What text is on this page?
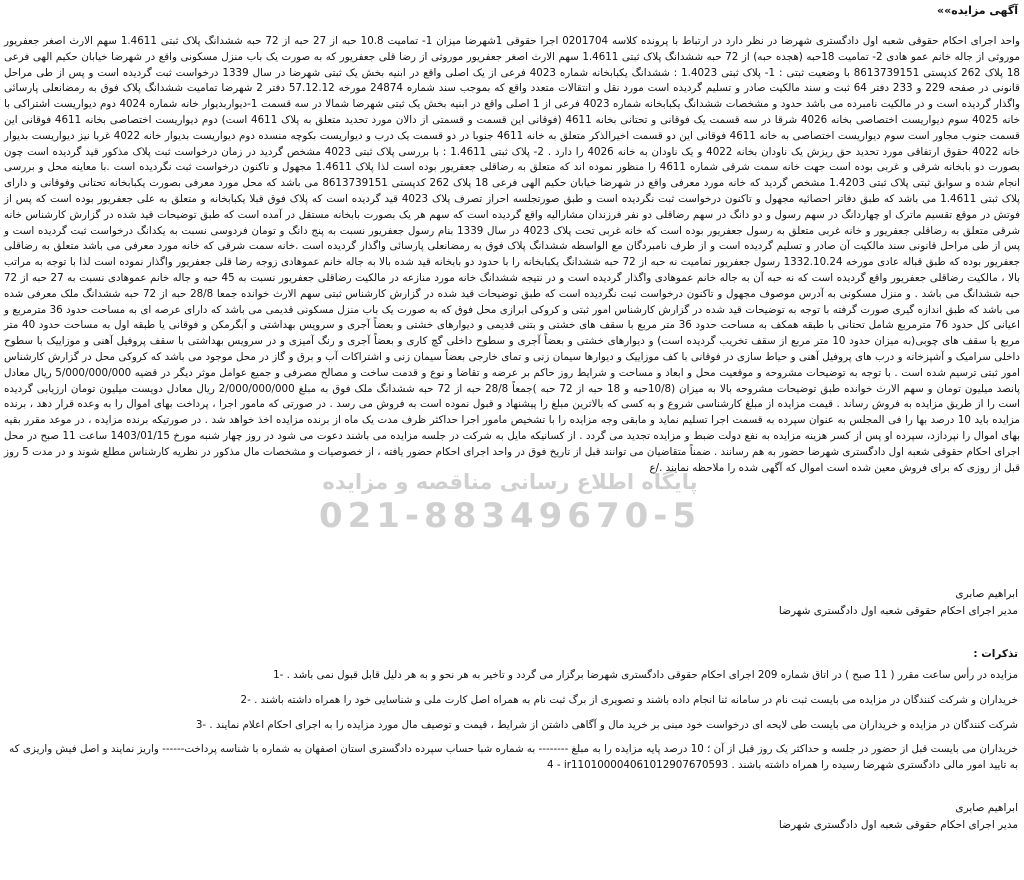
آگهی مزایده»»
واحد اجرای احکام حقوقی شعبه اول دادگستری شهرضا در نظر دارد در ارتباط با پرونده کلاسه 0201704 اجرا حقوقی 1شهرضا میزان 1- تمامیت 10.8 حبه از 27 حبه از 72 حبه ششدانگ پلاک ثبتی 1.4611 سهم الارث اصغر جعفریور موروثی از جاله خانم عمو هادی 2- تمامیت 18حبه (هجده حبه) از 72 حبه ششدانگ پلاک ثبتی 1.4611 سهم الارث اصغر جعفریور موروثی از رضا قلی جعفریور که به صورت یک باب منزل مسکونی واقع در شهرضا خیابان حکیم الهی فرعی 18 پلاک 262 کدپستی 8613739151 با وضعیت ثبتی : 1- پلاک ثبتی 1.4023 : ششدانگ یکبابخانه شماره 4023 فرعی از یک اصلی واقع در ابنیه بخش یک ثبتی شهرضا در سال 1339 درخواست ثبت گردیده است و پس از طی مراحل قانونی در صفحه 229 و 233 دفتر 64 ثبت و سند مالکیت صادر و تسلیم گردیده است مورد نقل و انتقالات متعدد واقع که بموجب سند شماره 24874 مورخه 57.12.12 دفتر 2 شهرضا تمامیت ششدانگ پلاک فوق به رمضانعلی پارسائی واگذار گردیده است و در مالکیت نامبرده می باشد حدود و مشخصات ششدانگ یکبابخانه شماره 4023 فرعی از 1 اصلی واقع در ابنیه بخش یک ثبتی شهرضا شمالا در سه قسمت 1-دیواربدیوار خانه شماره 4024 دوم دیواریست اشتراکی با خانه 4025 سوم دیواریست اختصاصی بخانه 4026 شرقا در سه قسمت یک فوقانی و تحتانی بخانه 4611 (فوقانی این قسمت و قسمتی از دالان مورد تحدید متعلق به پلاک 4611 است) دوم دیواریست اختصاصی بخانه 4611 فوقانی این قسمت جنوب مجاور است سوم دیواریست اختصاصی به خانه 4611 فوقانی این دو قسمت اخیرالذکر متعلق به خانه 4611 جنوبا در دو قسمت یک درب و دیواریست بکوچه منسده دوم دیواریست بدیوار خانه 4022 غربا نیز دیواریست بدیوار خانه 4022 حقوق ارتفاقی مورد تحدید حق ریزش یک ناودان بخانه 4022 و یک ناودان به خانه 4026 را دارد . 2- پلاک ثبتی 1.4611 : با بررسی پلاک ثبتی 4023 مشخص گردید در زمان درخواست ثبت پلاک مذکور قید گردیده است چون بصورت دو بابخانه شرقی و غربی بوده است جهت خانه سمت شرقی شماره 4611 را منظور نموده اند که متعلق به رضاقلی جعفریور بوده است لذا پلاک 1.4611 مجهول و تاکنون درخواست ثبت نگردیده است .با معاینه محل و بررسی انجام شده و سوابق ثبتی پلاک ثبتی 1.4203 مشخص گردید که خانه مورد معرفی واقع در شهرضا خیابان حکیم الهی فرعی 18 پلاک 262 کدپستی 8613739151 می باشد که محل مورد معرفی بصورت یکبابخانه تحتانی وفوقانی و دارای پلاک ثبتی 1.4611 می باشد که طبق دفاتر احصائیه مجهول و تاکنون درخواست ثبت نگردیده است و طبق صورتجلسه احراز تصرف پلاک 4023 قید گردیده است که پلاک فوق قبلا یکبابخانه و متعلق به علی جعفریور بوده است که پس از فوتش در موقع تقسیم ماترک او چهاردانگ در سهم رسول و دو دانگ در سهم رضاقلی دو نفر فرزندان مشارالیه واقع گردیده است که سهم هر یک بصورت بابخانه مستقل در آمده است که طبق توضیحات قید شده در گزارش کارشناس خانه شرقی متعلق به رضاقلی جعفریور و خانه غربی متعلق به رسول جعفریور بوده است که خانه غربی تحت پلاک 4023 در سال 1339 بنام رسول جعفریور نسبت به پنج دانگ و تومان فردوسی نسبت به یکدانگ درخواست ثبت گردیده است و پس از طی مراحل قانونی سند مالکیت آن صادر و تسلیم گردیده است و از طرف نامبردگان مع الواسطه ششدانگ پلاک فوق به رمضانعلی پارسائی واگذار گردیده است .خانه سمت شرقی که خانه مورد معرفی می باشد متعلق به رضاقلی جعفریور بوده که طبق قباله عادی مورخه 1332.10.24 رسول جعفریور تمامیت نه حبه از 72 حبه ششدانگ یکبابخانه را با حدود دو بابخانه قید شده بالا به جاله خانم عموهادی زوجه رضا قلی جعفریور واگذار نموده است لذا با توجه به مراتب بالا ، مالکیت رضاقلی جعفریور واقع گردیده است که نه حبه آن به جاله خانم عموهادی واگذار گردیده است و در نتیجه ششدانگ خانه مورد منازعه در مالکیت رضاقلی جعفریور نسبت به 45 حبه و جاله خانم عموهادی نسبت به 27 حبه از 72 حبه ششدانگ می باشد . و منزل مسکونی به آدرس موصوف مجهول و تاکنون درخواست ثبت نگردیده است که طبق توضیحات قید شده در گزارش کارشناس ثبتی سهم الارث خوانده جمعا 28/8 حبه از 72 حبه ششدانگ ملک معرفی شده می باشد که طبق اندازه گیری صورت گرفته با توجه به توضیحات قید شده در گزارش کارشناس امور ثبتی و کروکی ابرازی محل فوق که به صورت یک باب منزل مسکونی قدیمی می باشد که دارای عرصه ای به مساحت حدود 36 مترمربع و اعیانی کل حدود 76 مترمربع شامل تحتانی با طبقه همکف به مساحت حدود 36 متر مربع با سقف های خشتی و بتنی قدیمی و دیوارهای خشتی و بعضاً آجری و سرویس بهداشتی و آبگرمکن و فوقانی یا طبقه اول به مساحت حدود 40 متر مربع با سقف های چوبی(به میزان حدود 10 متر مربع از سقف تخریب گردیده است) و دیوارهای خشتی و بعضاً آجری و سطوح داخلی گچ کاری و بعضاً آجری و رنگ آمیزی و در سرویس بهداشتی با سقف پروفیل آهنی و موزاییک با سطوح داخلی سرامیک و آشپزخانه و درب های پروفیل آهنی و حیاط سازی در فوقانی با کف موزاییک و دیوارها سیمان زنی و تمای خارجی بعضاً سیمان زنی و اشتراکات آب و برق و گاز در محل موجود می باشد که کروکی محل در گزارش کارشناس امور ثبتی ترسیم شده است . با توجه به توضیحات مشروحه و موقعیت محل و ابعاد و مساحت و شرایط روز حاکم بر عرضه و تقاضا و نوع و قدمت ساخت و مصالح مصرفی و جمیع عوامل موثر دیگر در قضیه 5/000/000/000 ریال معادل پانصد میلیون تومان و سهم الارث خوانده طبق توضیحات مشروحه بالا به میزان (10/8حبه و 18 حبه از 72 حبه )جمعاً 28/8 حبه از 72 حبه ششدانگ ملک فوق به مبلغ 2/000/000/000 ریال معادل دویست میلیون تومان ارزیابی گردیده است را از طریق مزایده به فروش رساند . قیمت مزایده از مبلغ کارشناسی شروع و به کسی که بالاترین مبلغ را پیشنهاد و قبول نموده است به فروش می رسد . در صورتی که مامور اجرا ، پرداخت بهای اموال را به وعده قرار دهد ، برنده مزایده باید 10 درصد بها را فی المجلس به عنوان سپرده به قسمت اجرا تسلیم نماید و مابقی وجه مزایده را با تشخیص مامور اجرا حداکثر ظرف مدت یک ماه از برنده مزایده اخذ خواهد شد . در صورتیکه برنده مزایده ، در موعد مقرر بقیه بهای اموال را نپردازد، سپرده او پس از کسر هزینه مزایده به نفع دولت ضبط و مزایده تجدید می گردد . از کسانیکه مایل به شرکت در جلسه مزایده می باشند دعوت می شود در روز چهار شنبه مورخ 1403/01/15 ساعت 11 صبح در محل اجرای احکام حقوقی شعبه اول دادگستری شهرضا حضور به هم رسانند . ضمناً متقاضیان می توانند قبل از تاریخ فوق در واحد اجرای احکام حضور یافته ، از خصوصیات و مشخصات مال مذکور در نظریه کارشناس مطلع شوند و در مدت 5 روز قبل از روزی که برای فروش معین شده است اموال که آگهی شده را ملاحظه نمایند ./ع
پایگاه اطلاع رسانی مناقصه و مزایده
021-88349670-5
ابراهیم صابری
مدیر اجرای احکام حقوقی شعبه اول دادگستری شهرضا
تذکرات :
مزایده در رأس ساعت مقرر ( 11 صبح ) در اتاق شماره 209 اجرای احکام حقوقی دادگستری شهرضا برگزار می گردد و تاخیر به هر نحو و به هر دلیل قابل قبول نمی باشد . -1
خریداران و شرکت کنندگان در مزایده می بایست ثبت نام در سامانه ثنا انجام داده باشند و تصویری از برگ ثبت نام به همراه اصل کارت ملی و شناسایی خود را همراه داشته باشند . -2
شرکت کنندگان در مزایده و خریداران می بایست طی لایحه ای درخواست خود مبنی بر خرید مال و آگاهی داشتن از شرایط ، قیمت و توصیف مال مورد مزایده را به اجرای احکام اعلام نمایند . -3
خریداران می بایست قبل از حضور در جلسه و حداکثر یک روز قبل از آن ؛ 10 درصد پایه مزایده را به مبلغ -------- به شماره شبا حساب سپرده دادگستری استان اصفهان به شماره با شناسه پرداخت------ واریز نمایند و اصل فیش واریزی که به تایید امور مالی دادگستری شهرضا رسیده را همراه داشته باشند . ir110100004061012907670593 - 4
ابراهیم صابری
مدیر اجرای احکام حقوقی شعبه اول دادگستری شهرضا
